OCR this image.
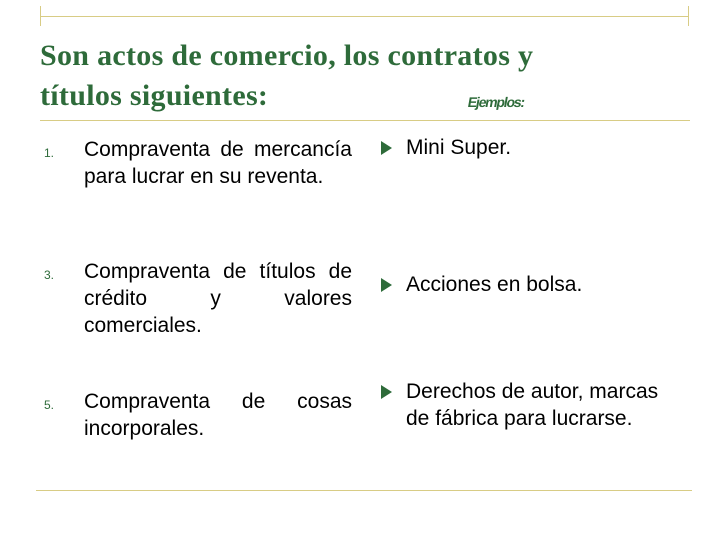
Son actos de comercio, los contratos y
títulos siguientes:	Ejemplos:
1. Compraventa de mercancía para lucrar en su reventa.
3. Compraventa de títulos de crédito y valores comerciales.
5. Compraventa de cosas incorporales.
Mini Super.
Acciones en bolsa.
Derechos de autor, marcas de fábrica para lucrarse.
